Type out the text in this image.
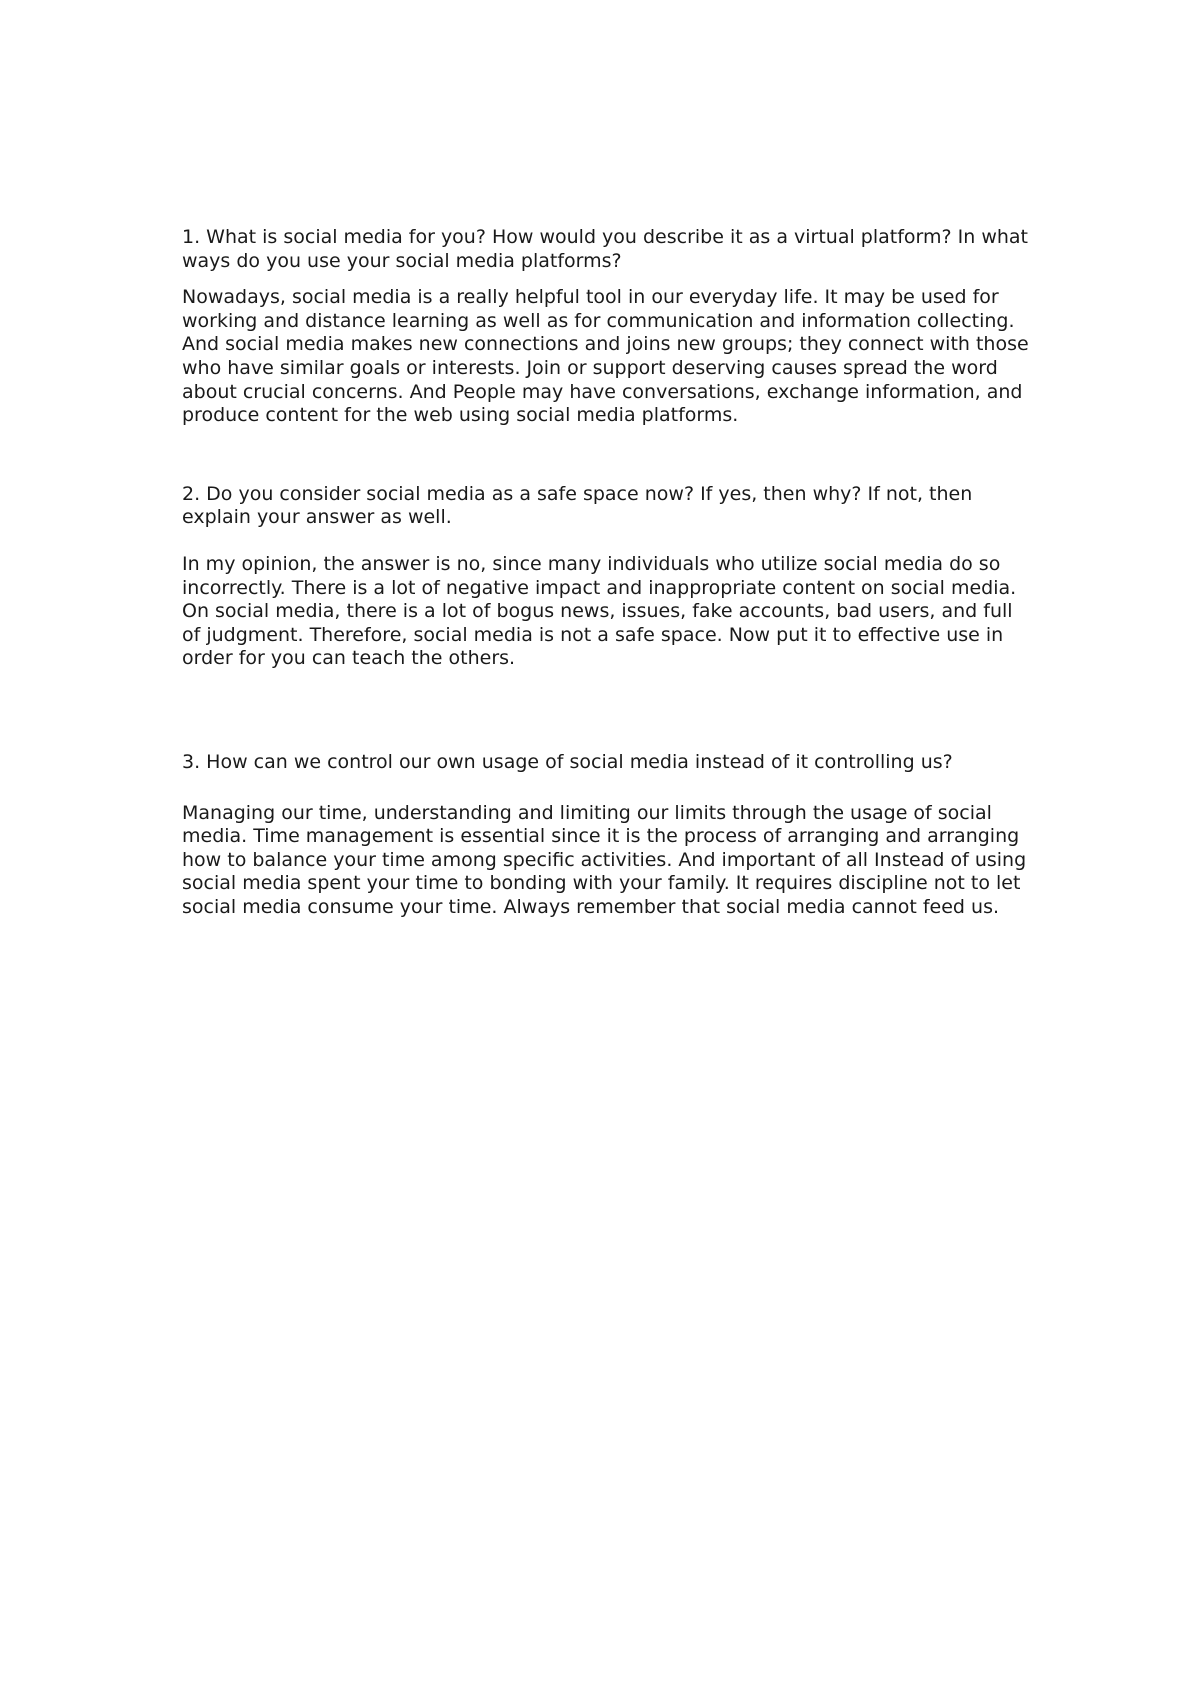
1. What is social media for you? How would you describe it as a virtual platform? In what ways do you use your social media platforms?

Nowadays, social media is a really helpful tool in our everyday life. It may be used for working and distance learning as well as for communication and information collecting. And social media makes new connections and joins new groups; they connect with those who have similar goals or interests. Join or support deserving causes spread the word about crucial concerns. And People may have conversations, exchange information, and produce content for the web using social media platforms.

2. Do you consider social media as a safe space now? If yes, then why? If not, then explain your answer as well.

In my opinion, the answer is no, since many individuals who utilize social media do so incorrectly. There is a lot of negative impact and inappropriate content on social media. On social media, there is a lot of bogus news, issues, fake accounts, bad users, and full of judgment. Therefore, social media is not a safe space. Now put it to effective use in order for you can teach the others.

3. How can we control our own usage of social media instead of it controlling us?

Managing our time, understanding and limiting our limits through the usage of social media. Time management is essential since it is the process of arranging and arranging how to balance your time among specific activities. And important of all Instead of using social media spent your time to bonding with your family. It requires discipline not to let social media consume your time. Always remember that social media cannot feed us.
